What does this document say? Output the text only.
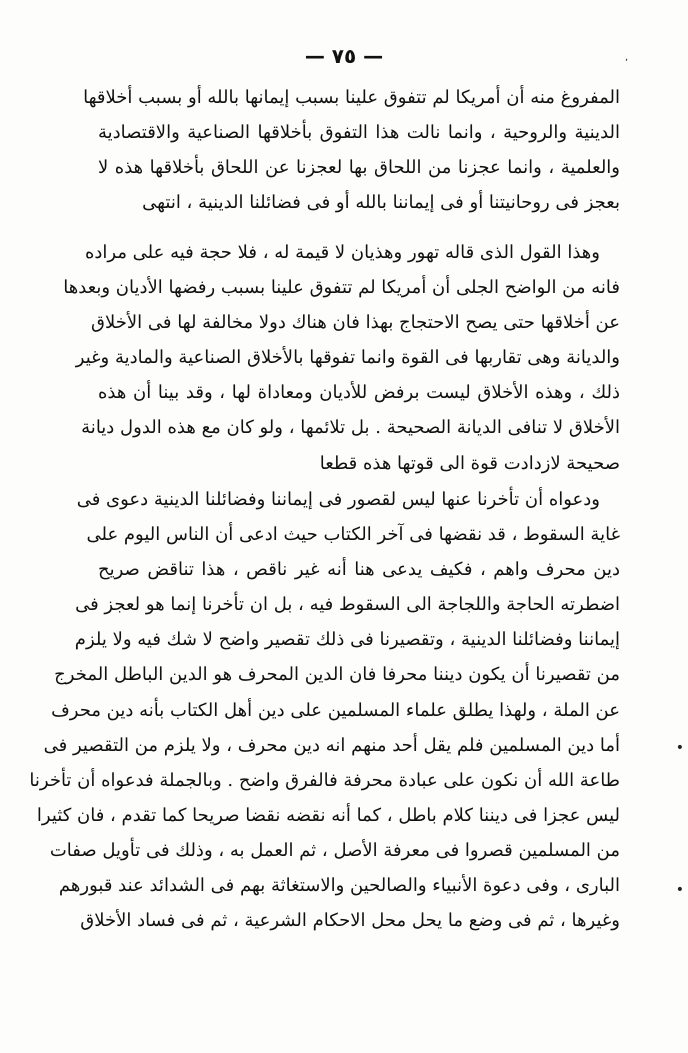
— ٧٥ —	٬
•
•
المفروغ منه أن أمريكا لم تتفوق علينا بسبب إيمانها بالله أو بسبب أخلاقها
الدينية والروحية ، وانما نالت هذا التفوق بأخلاقها الصناعية والاقتصادية
والعلمية ، وانما عجزنا من اللحاق بها لعجزنا عن اللحاق بأخلاقها هذه لا
بعجز فى روحانيتنا أو فى إيماننا بالله أو فى فضائلنا الدينية ، انتهى
وهذا القول الذى قاله تهور وهذيان لا قيمة له ، فلا حجة فيه على مراده
فانه من الواضح الجلى أن أمريكا لم تتفوق علينا بسبب رفضها الأديان وبعدها
عن أخلاقها حتى يصح الاحتجاج بهذا فان هناك دولا مخالفة لها فى الأخلاق
والديانة وهى تقاربها فى القوة وانما تفوقها بالأخلاق الصناعية والمادية وغير
ذلك ، وهذه الأخلاق ليست برفض للأديان ومعاداة لها ، وقد بينا أن هذه
الأخلاق لا تنافى الديانة الصحيحة . بل تلائمها ، ولو كان مع هذه الدول ديانة
صحيحة لازدادت قوة الى قوتها هذه قطعا
ودعواه أن تأخرنا عنها ليس لقصور فى إيماننا وفضائلنا الدينية دعوى فى
غاية السقوط ، قد نقضها فى آخر الكتاب حيث ادعى أن الناس اليوم على
دين محرف واهم ، فكيف يدعى هنا أنه غير ناقص ، هذا تناقض صريح
اضطرته الحاجة واللجاجة الى السقوط فيه ، بل ان تأخرنا إنما هو لعجز فى
إيماننا وفضائلنا الدينية ، وتقصيرنا فى ذلك تقصير واضح لا شك فيه ولا يلزم
من تقصيرنا أن يكون ديننا محرفا فان الدين المحرف هو الدين الباطل المخرج
عن الملة ، ولهذا يطلق علماء المسلمين على دين أهل الكتاب بأنه دين محرف
أما دين المسلمين فلم يقل أحد منهم انه دين محرف ، ولا يلزم من التقصير فى
طاعة الله أن نكون على عبادة محرفة فالفرق واضح . وبالجملة فدعواه أن تأخرنا
ليس عجزا فى ديننا كلام باطل ، كما أنه نقضه نقضا صريحا كما تقدم ، فان كثيرا
من المسلمين قصروا فى معرفة الأصل ، ثم العمل به ، وذلك فى تأويل صفات
البارى ، وفى دعوة الأنبياء والصالحين والاستغاثة بهم فى الشدائد عند قبورهم
وغيرها ، ثم فى وضع ما يحل محل الاحكام الشرعية ، ثم فى فساد الأخلاق
